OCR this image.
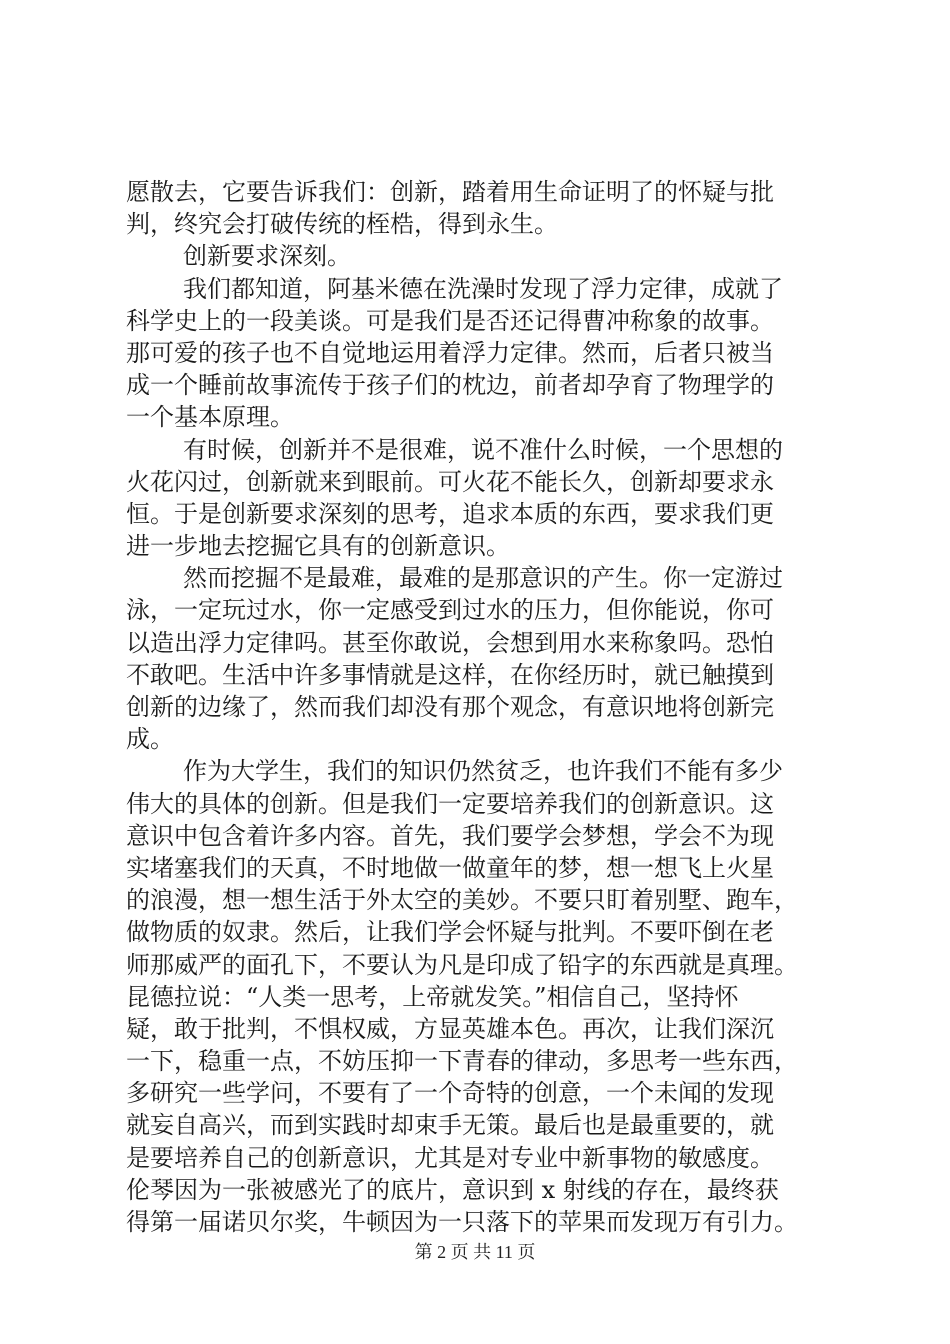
愿散去，它要告诉我们：创新，踏着用生命证明了的怀疑与批
判，终究会打破传统的桎梏，得到永生。
创新要求深刻。
我们都知道，阿基米德在洗澡时发现了浮力定律，成就了
科学史上的一段美谈。可是我们是否还记得曹冲称象的故事。
那可爱的孩子也不自觉地运用着浮力定律。然而，后者只被当
成一个睡前故事流传于孩子们的枕边，前者却孕育了物理学的
一个基本原理。
有时候，创新并不是很难，说不准什么时候，一个思想的
火花闪过，创新就来到眼前。可火花不能长久，创新却要求永
恒。于是创新要求深刻的思考，追求本质的东西，要求我们更
进一步地去挖掘它具有的创新意识。
然而挖掘不是最难，最难的是那意识的产生。你一定游过
泳，一定玩过水，你一定感受到过水的压力，但你能说，你可
以造出浮力定律吗。甚至你敢说，会想到用水来称象吗。恐怕
不敢吧。生活中许多事情就是这样，在你经历时，就已触摸到
创新的边缘了，然而我们却没有那个观念，有意识地将创新完
成。
作为大学生，我们的知识仍然贫乏，也许我们不能有多少
伟大的具体的创新。但是我们一定要培养我们的创新意识。这
意识中包含着许多内容。首先，我们要学会梦想，学会不为现
实堵塞我们的天真，不时地做一做童年的梦，想一想飞上火星
的浪漫，想一想生活于外太空的美妙。不要只盯着别墅、跑车，
做物质的奴隶。然后，让我们学会怀疑与批判。不要吓倒在老
师那威严的面孔下，不要认为凡是印成了铅字的东西就是真理。
昆德拉说：“人类一思考，上帝就发笑。”相信自己，坚持怀
疑，敢于批判，不惧权威，方显英雄本色。再次，让我们深沉
一下，稳重一点，不妨压抑一下青春的律动，多思考一些东西，
多研究一些学问，不要有了一个奇特的创意，一个未闻的发现
就妄自高兴，而到实践时却束手无策。最后也是最重要的，就
是要培养自己的创新意识，尤其是对专业中新事物的敏感度。
伦琴因为一张被感光了的底片，意识到 x 射线的存在，最终获
得第一届诺贝尔奖，牛顿因为一只落下的苹果而发现万有引力。
第 2 页 共 11 页
